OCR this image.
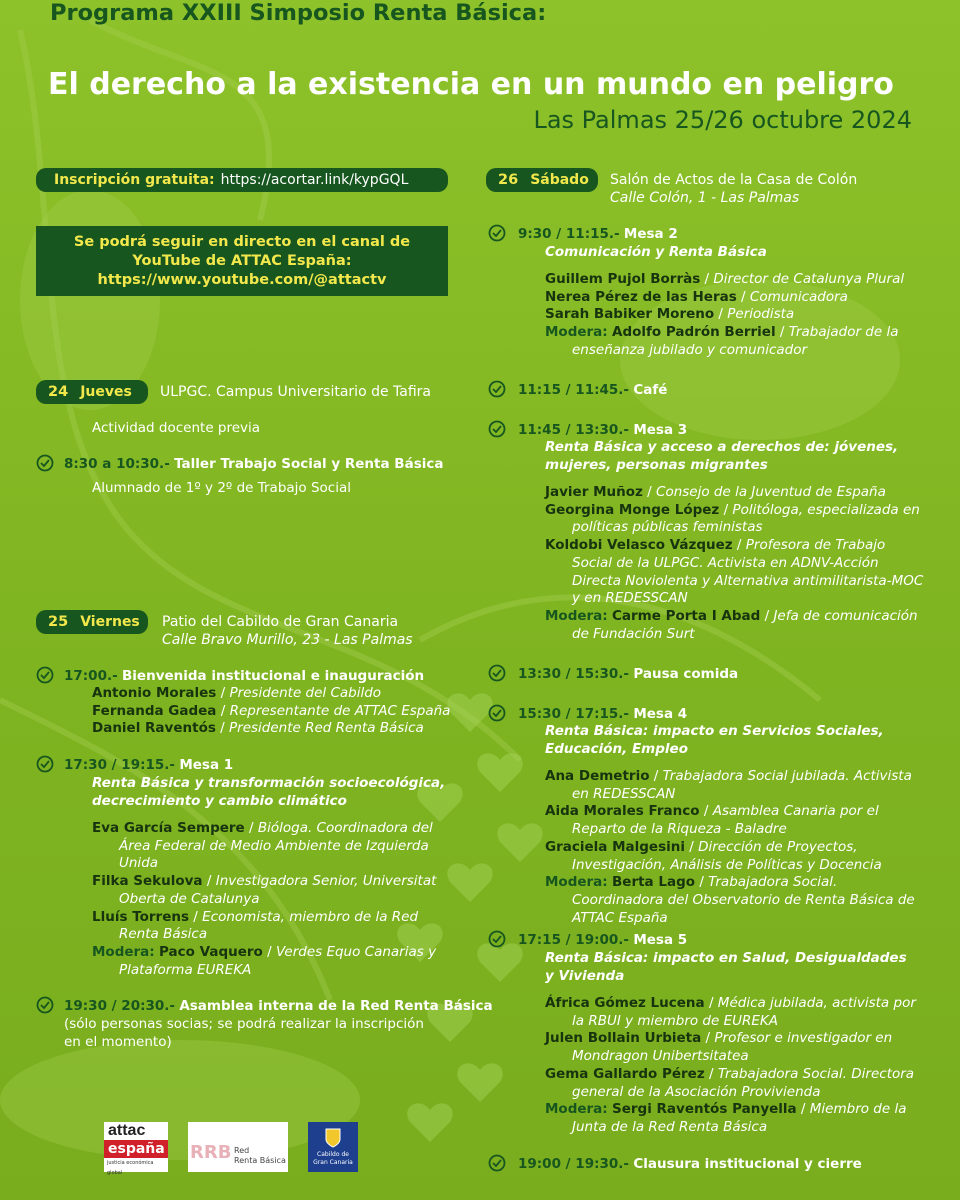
Programa XXIII Simposio Renta Básica:
El derecho a la existencia en un mundo en peligro
Las Palmas 25/26 octubre 2024
Inscripción gratuita: https://acortar.link/kypGQL
Se podrá seguir en directo en el canal de
YouTube de ATTAC España:
https://www.youtube.com/@attactv
24 Jueves ULPGC. Campus Universitario de Tafira
Actividad docente previa
8:30 a 10:30.- Taller Trabajo Social y Renta Básica
Alumnado de 1º y 2º de Trabajo Social
25 Viernes Patio del Cabildo de Gran Canaria
Calle Bravo Murillo, 23 - Las Palmas
17:00.- Bienvenida institucional e inauguración
Antonio Morales / Presidente del Cabildo
Fernanda Gadea / Representante de ATTAC España
Daniel Raventós / Presidente Red Renta Básica
17:30 / 19:15.- Mesa 1
Renta Básica y transformación socioecológica,
decrecimiento y cambio climático
Eva García Sempere / Bióloga. Coordinadora del Área Federal de Medio Ambiente de Izquierda Unida
Filka Sekulova / Investigadora Senior, Universitat Oberta de Catalunya
Lluís Torrens / Economista, miembro de la Red Renta Básica
Modera: Paco Vaquero / Verdes Equo Canarias y Plataforma EUREKA
19:30 / 20:30.- Asamblea interna de la Red Renta Básica
(sólo personas socias; se podrá realizar la inscripción
en el momento)
attac
españa
justicia económica global
RRB Red
Renta Básica
Cabildo de
Gran Canaria
26 Sábado Salón de Actos de la Casa de Colón
Calle Colón, 1 - Las Palmas
9:30 / 11:15.- Mesa 2
Comunicación y Renta Básica
Guillem Pujol Borràs / Director de Catalunya Plural
Nerea Pérez de las Heras / Comunicadora
Sarah Babiker Moreno / Periodista
Modera: Adolfo Padrón Berriel / Trabajador de la enseñanza jubilado y comunicador
11:15 / 11:45.- Café
11:45 / 13:30.- Mesa 3
Renta Básica y acceso a derechos de: jóvenes,
mujeres, personas migrantes
Javier Muñoz / Consejo de la Juventud de España
Georgina Monge López / Politóloga, especializada en políticas públicas feministas
Koldobi Velasco Vázquez / Profesora de Trabajo Social de la ULPGC. Activista en ADNV-Acción Directa Noviolenta y Alternativa antimilitarista-MOC y en REDESSCAN
Modera: Carme Porta I Abad / Jefa de comunicación de Fundación Surt
13:30 / 15:30.- Pausa comida
15:30 / 17:15.- Mesa 4
Renta Básica: impacto en Servicios Sociales,
Educación, Empleo
Ana Demetrio / Trabajadora Social jubilada. Activista en REDESSCAN
Aida Morales Franco / Asamblea Canaria por el Reparto de la Riqueza - Baladre
Graciela Malgesini / Dirección de Proyectos, Investigación, Análisis de Políticas y Docencia
Modera: Berta Lago / Trabajadora Social. Coordinadora del Observatorio de Renta Básica de ATTAC España
17:15 / 19:00.- Mesa 5
Renta Básica: impacto en Salud, Desigualdades
y Vivienda
África Gómez Lucena / Médica jubilada, activista por la RBUI y miembro de EUREKA
Julen Bollain Urbieta / Profesor e investigador en Mondragon Unibertsitatea
Gema Gallardo Pérez / Trabajadora Social. Directora general de la Asociación Provivienda
Modera: Sergi Raventós Panyella / Miembro de la Junta de la Red Renta Básica
19:00 / 19:30.- Clausura institucional y cierre
